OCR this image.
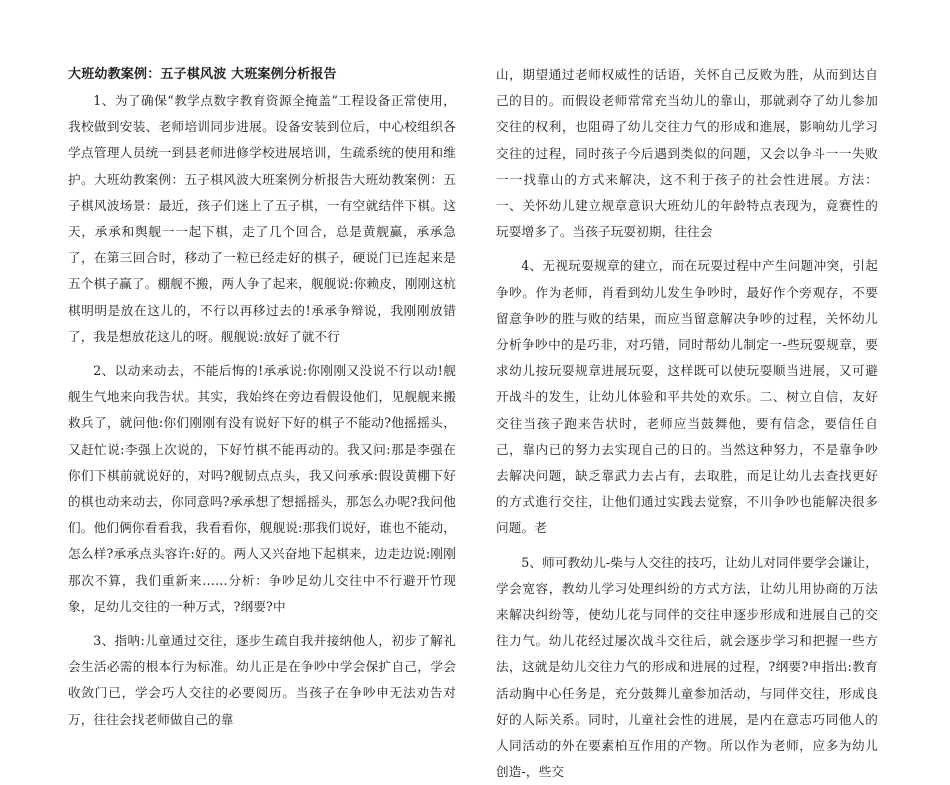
大班幼教案例：五子棋风波 大班案例分析报告

1、为了确保“教学点数字教育资源全掩盖”工程设备正常使用，我校做到安装、老师培训同步进展。设备安装到位后，中心校组织各学点管理人员统一到县老师进修学校进展培训，生疏系统的使用和维护。大班幼教案例：五子棋风波大班案例分析报告大班幼教案例：五子棋风波场景：最近，孩子们迷上了五子棋，一有空就结伴下棋。这天，承承和舆舰一一起下棋，走了几个回合，总是黄舰赢，承承急了，在第三回合时，移动了一粒已经走好的棋子，硬说门已连起来是五个棋子赢了。棚舰不搬，两人争了起来，舰舰说:你赖皮，刚刚这杭棋明明是放在这儿的，不行以再移过去的!承承争辩说，我刚刚放错了，我是想放花这儿的呀。舰舰说:放好了就不行

2、以动来动去，不能后悔的!承承说:你刚刚又没说不行以动!舰舰生气地来向我告状。其实，我始终在旁边看假设他们，见舰舰来搬救兵了，就问他:你们刚刚有没有说好下好的棋子不能动?他摇摇头，又赶忙说:李强上次说的，下好竹棋不能再动的。我又问:那是李强在你们下棋前就说好的，对吗?舰韧点点头，我又问承承:假设黄棚下好的棋也动来动去，你同意吗?承承想了想摇摇头，那怎么办呢?我问他们。他们俩你看看我，我看看你，舰舰说:那我们说好，谁也不能动，怎么样?承承点头容许:好的。两人又兴奋地下起棋来，边走边说:刚刚那次不算，我们重新来……分析：争吵足幼儿交往中不行避开竹现象，足幼儿交往的一种万式，?纲要?中

3、指呐:儿童通过交往，逐步生疏自我并接纳他人，初步了解礼会生活必需的根本行为标准。幼儿正是在争吵中学会保扩自己，学会收敛门已，学会巧人交往的必要阅历。当孩子在争吵申无法劝告对万，往往会找老师做自己的靠

山，期望通过老师权威性的话语，关怀自己反败为胜，从而到达自己的目的。而假设老师常常充当幼儿的靠山，那就剥夺了幼儿参加交往的权利，也阻碍了幼儿交往力气的形成和進展，影响幼儿学习交往的过程，同时孩子今后遇到类似的问题，又会以争斗一一失败一一找靠山的方式来解决，这不利于孩子的社会性进展。方法：一、关怀幼儿建立规章意识大班幼儿的年龄特点表现为，竟赛性的玩耍增多了。当孩子玩耍初期，往往会

4、无视玩耍规章的建立，而在玩耍过程中产生问题冲突，引起争吵。作为老师，肖看到幼儿发生争吵时，最好作个旁观存，不要留意争吵的胜与败的结果，而应当留意解决争吵的过程，关怀幼儿分析争吵中的是巧非，对巧错，同时帮幼儿制定一-些玩耍规章，要求幼儿按玩耍规章进展玩耍，这样既可以使玩耍顺当进展，又可避开战斗的发生，让幼儿体验和平共处的欢乐。二、树立自信，友好交往当孩子跑来告状时，老师应当鼓舞他，要有信念，要信任自己，靠内已的努力去实现自己的日的。当然这种努力，不是靠争吵去解决问题，缺乏靠武力去占有，去取胜，而足让幼儿去查找更好的方式進行交往，让他们通过实践去觉察，不川争吵也能解决很多问题。老

5、师可教幼儿-柴与人交往的技巧，让幼儿对同伴要学会谦让，学会宽容，教幼儿学习处理纠纷的方式方法，让幼儿用协商的万法来解决纠纷等，使幼儿花与同伴的交往申逐步形成和进展自己的交往力气。幼儿花经过屡次战斗交往后，就会逐步学习和把握一些方法，这就是幼儿交往力气的形成和进展的过程，?纲要?申指出:教育活动胸中心任务是，充分鼓舞儿童参加活动，与同伴交往，形成良好的人际关系。同时，儿童社会性的进展，是内在意志巧同他人的人同活动的外在要素柏互作用的产物。所以作为老师，应多为幼儿创造-，些交
